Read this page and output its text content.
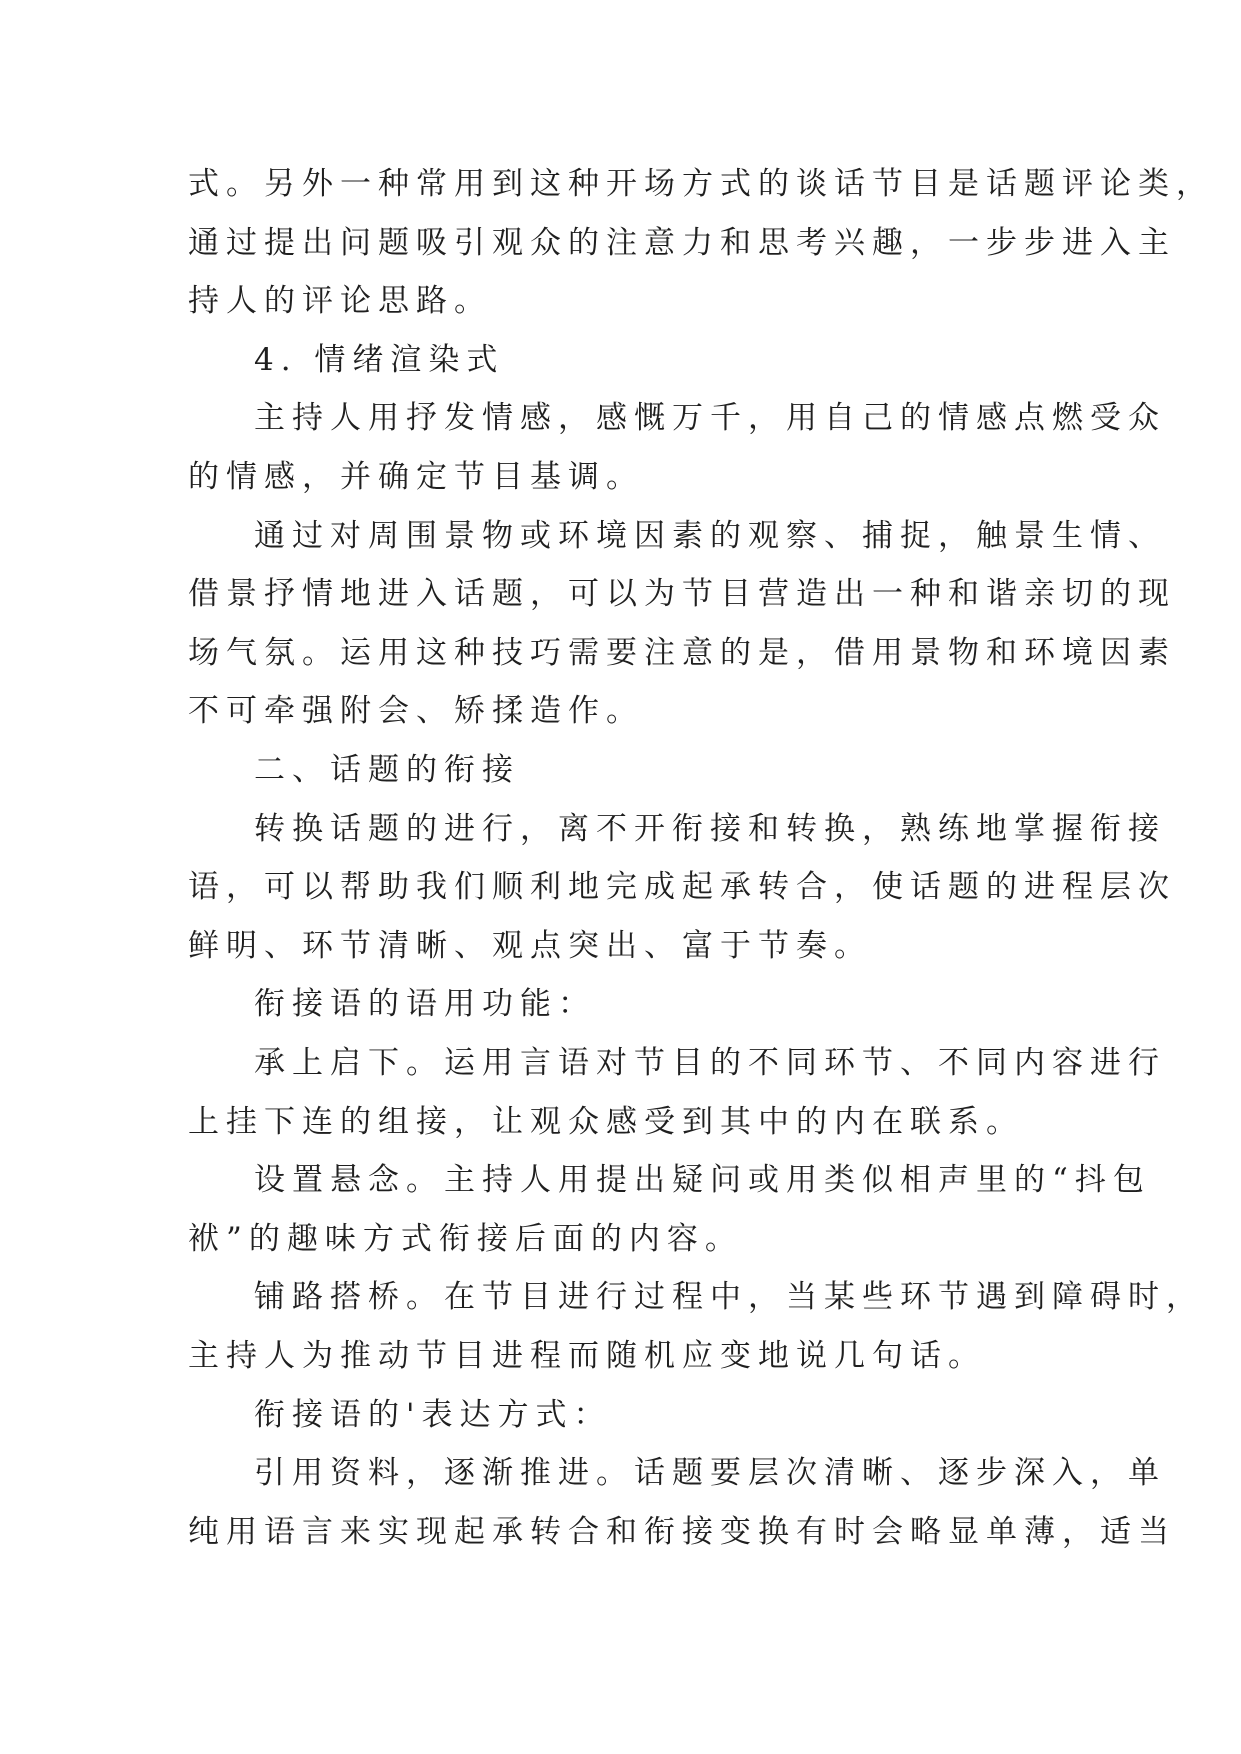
式。另外一种常用到这种开场方式的谈话节目是话题评论类，
通过提出问题吸引观众的注意力和思考兴趣，一步步进入主
持人的评论思路。
4. 情绪渲染式
主持人用抒发情感，感慨万千，用自己的情感点燃受众
的情感，并确定节目基调。
通过对周围景物或环境因素的观察、捕捉，触景生情、
借景抒情地进入话题，可以为节目营造出一种和谐亲切的现
场气氛。运用这种技巧需要注意的是，借用景物和环境因素
不可牵强附会、矫揉造作。
二、话题的衔接
转换话题的进行，离不开衔接和转换，熟练地掌握衔接
语，可以帮助我们顺利地完成起承转合，使话题的进程层次
鲜明、环节清晰、观点突出、富于节奏。
衔接语的语用功能：
承上启下。运用言语对节目的不同环节、不同内容进行
上挂下连的组接，让观众感受到其中的内在联系。
设置悬念。主持人用提出疑问或用类似相声里的“抖包
袱”的趣味方式衔接后面的内容。
铺路搭桥。在节目进行过程中，当某些环节遇到障碍时，
主持人为推动节目进程而随机应变地说几句话。
衔接语的'表达方式：
引用资料，逐渐推进。话题要层次清晰、逐步深入，单
纯用语言来实现起承转合和衔接变换有时会略显单薄，适当
